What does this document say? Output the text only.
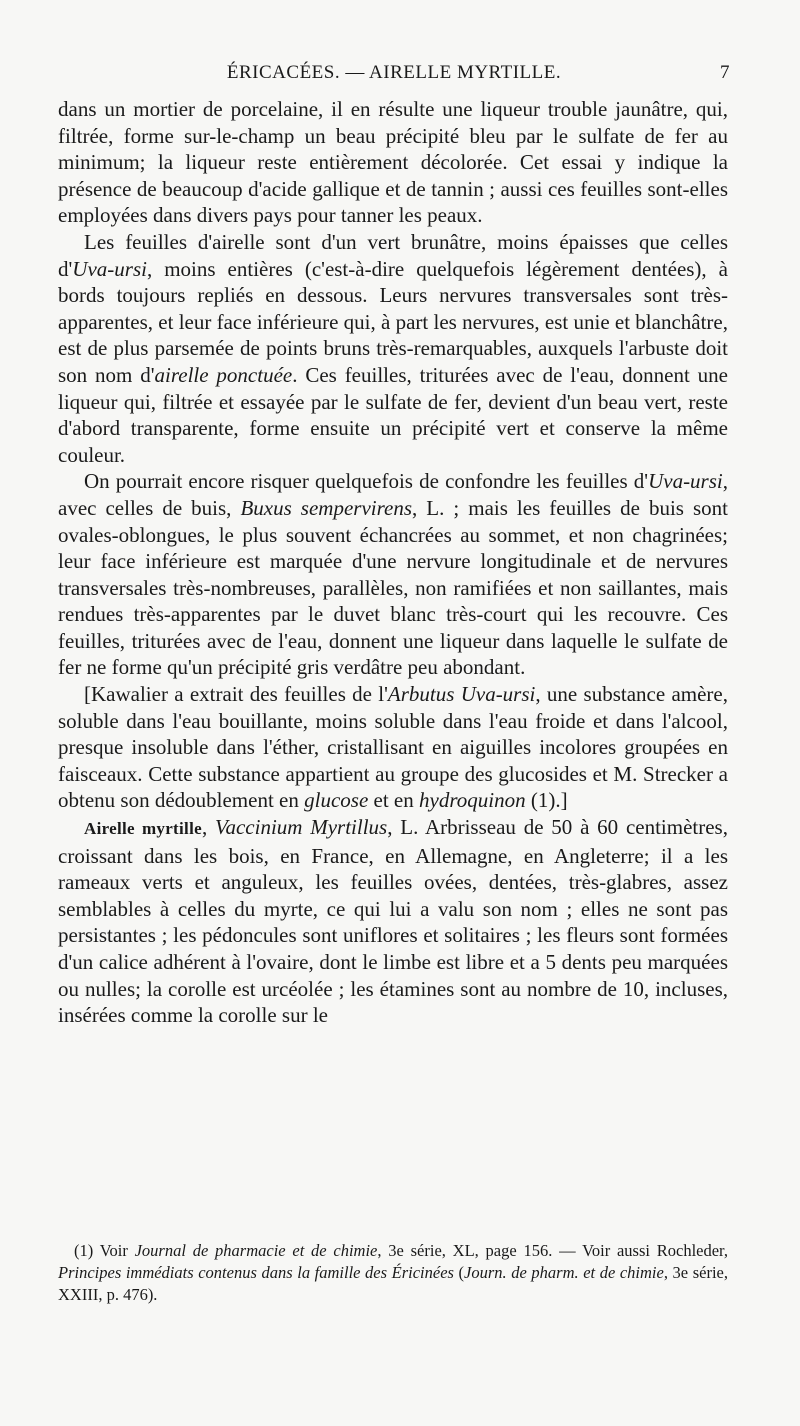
ÉRICACÉES. — AIRELLE MYRTILLE.	7

dans un mortier de porcelaine, il en résulte une liqueur trouble jaunâtre, qui, filtrée, forme sur-le-champ un beau précipité bleu par le sulfate de fer au minimum; la liqueur reste entièrement décolorée. Cet essai y indique la présence de beaucoup d'acide gallique et de tannin ; aussi ces feuilles sont-elles employées dans divers pays pour tanner les peaux.

Les feuilles d'airelle sont d'un vert brunâtre, moins épaisses que celles d'Uva-ursi, moins entières (c'est-à-dire quelquefois légèrement dentées), à bords toujours repliés en dessous. Leurs nervures transversales sont très-apparentes, et leur face inférieure qui, à part les nervures, est unie et blanchâtre, est de plus parsemée de points bruns très-remarquables, auxquels l'arbuste doit son nom d'airelle ponctuée. Ces feuilles, triturées avec de l'eau, donnent une liqueur qui, filtrée et essayée par le sulfate de fer, devient d'un beau vert, reste d'abord transparente, forme ensuite un précipité vert et conserve la même couleur.

On pourrait encore risquer quelquefois de confondre les feuilles d'Uva-ursi, avec celles de buis, Buxus sempervirens, L. ; mais les feuilles de buis sont ovales-oblongues, le plus souvent échancrées au sommet, et non chagrinées; leur face inférieure est marquée d'une nervure longitudinale et de nervures transversales très-nombreuses, parallèles, non ramifiées et non saillantes, mais rendues très-apparentes par le duvet blanc très-court qui les recouvre. Ces feuilles, triturées avec de l'eau, donnent une liqueur dans laquelle le sulfate de fer ne forme qu'un précipité gris verdâtre peu abondant.

[Kawalier a extrait des feuilles de l'Arbutus Uva-ursi, une substance amère, soluble dans l'eau bouillante, moins soluble dans l'eau froide et dans l'alcool, presque insoluble dans l'éther, cristallisant en aiguilles incolores groupées en faisceaux. Cette substance appartient au groupe des glucosides et M. Strecker a obtenu son dédoublement en glucose et en hydroquinon (1).]

Airelle myrtille, Vaccinium Myrtillus, L. Arbrisseau de 50 à 60 centimètres, croissant dans les bois, en France, en Allemagne, en Angleterre; il a les rameaux verts et anguleux, les feuilles ovées, dentées, très-glabres, assez semblables à celles du myrte, ce qui lui a valu son nom ; elles ne sont pas persistantes ; les pédoncules sont uniflores et solitaires ; les fleurs sont formées d'un calice adhérent à l'ovaire, dont le limbe est libre et a 5 dents peu marquées ou nulles; la corolle est urcéolée ; les étamines sont au nombre de 10, incluses, insérées comme la corolle sur le

(1) Voir Journal de pharmacie et de chimie, 3e série, XL, page 156. — Voir aussi Rochleder, Principes immédiats contenus dans la famille des Éricinées (Journ. de pharm. et de chimie, 3e série, XXIII, p. 476).
